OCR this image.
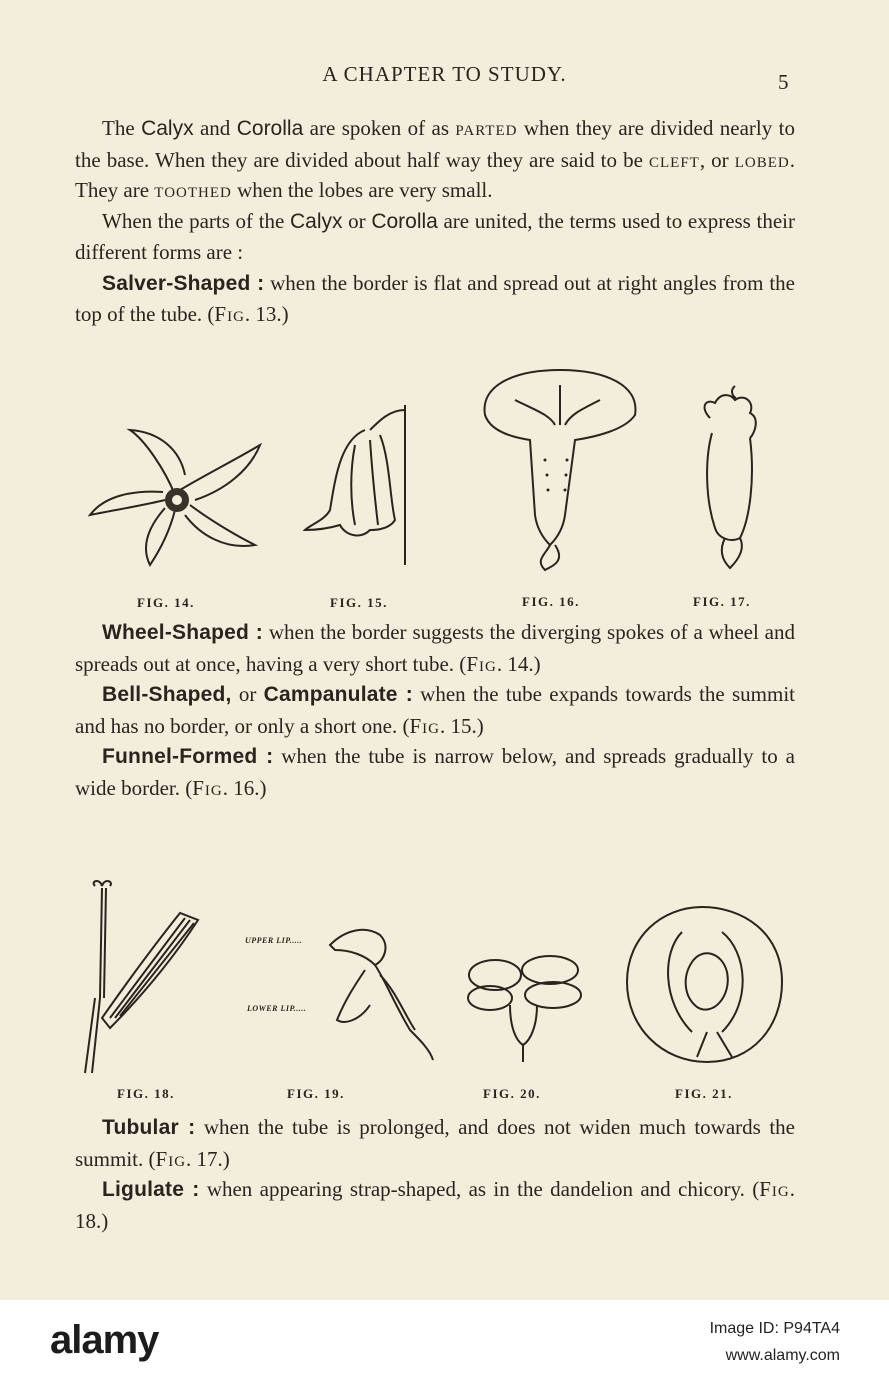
A CHAPTER TO STUDY.	5

The Calyx and Corolla are spoken of as parted when they are divided nearly to the base. When they are divided about half way they are said to be cleft, or lobed. They are toothed when the lobes are very small.

When the parts of the Calyx or Corolla are united, the terms used to express their different forms are :

Salver-Shaped : when the border is flat and spread out at right angles from the top of the tube. (Fig. 13.)

FIG. 14.	FIG. 15.	FIG. 16.	FIG. 17.

Wheel-Shaped : when the border suggests the diverging spokes of a wheel and spreads out at once, having a very short tube. (Fig. 14.)

Bell-Shaped, or Campanulate : when the tube expands towards the summit and has no border, or only a short one. (Fig. 15.)

Funnel-Formed : when the tube is narrow below, and spreads gradually to a wide border. (Fig. 16.)

UPPER LIP.....
LOWER LIP.....
FIG. 18.	FIG. 19.	FIG. 20.	FIG. 21.

Tubular : when the tube is prolonged, and does not widen much towards the summit. (Fig. 17.)

Ligulate : when appearing strap-shaped, as in the dandelion and chicory. (Fig. 18.)

alamy	Image ID: P94TA4
www.alamy.com
